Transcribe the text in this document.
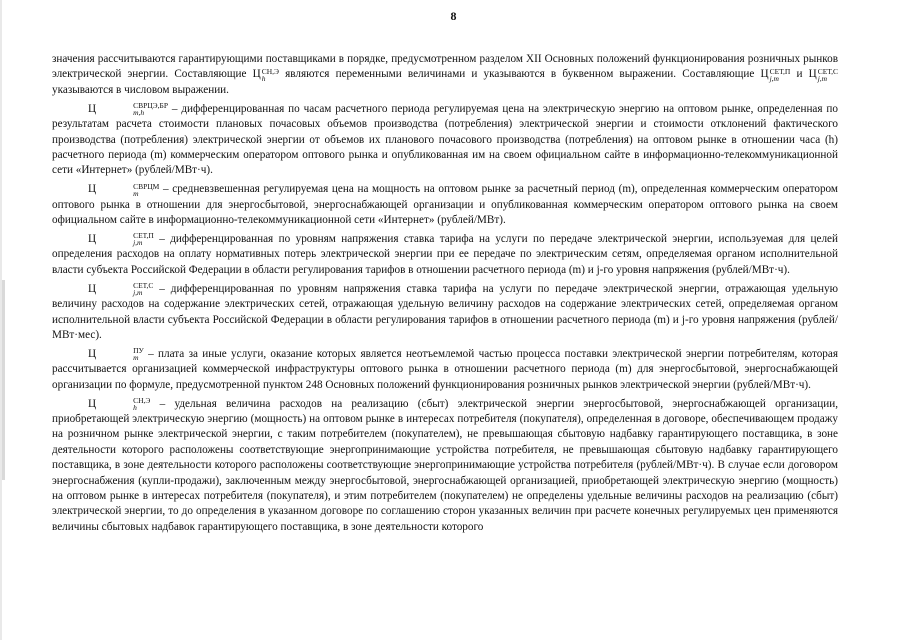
8

значения рассчитываются гарантирующими поставщиками в порядке, предусмотренном разделом XII Основных положений функционирования розничных рынков электрической энергии. Составляющие Ц СН,Э
h	являются переменными величинами и указываются в буквенном выражении. Составляющие Ц СЕТ,П
j,m	и Ц СЕТ,С
j,m
указываются в числовом выражении.

Ц	СВРЦЭ,БР
m,h	– дифференцированная по часам расчетного периода регулируемая цена на электрическую энергию на оптовом рынке, определенная по результатам расчета стоимости плановых почасовых объемов производства (потребления) электрической энергии и стоимости отклонений фактического производства (потребления) электрической энергии от объемов их планового почасового производства (потребления) на оптовом рынке в отношении часа (h) расчетного периода (m) коммерческим оператором оптового рынка и опубликованная им на своем официальном сайте в информационно-телекоммуникационной сети «Интернет» (рублей/МВт·ч).

Ц	СВРЦМ
m	– средневзвешенная регулируемая цена на мощность на оптовом рынке за расчетный период (m), определенная коммерческим оператором оптового рынка в отношении для энергосбытовой, энергоснабжающей организации и опубликованная коммерческим оператором оптового рынка на своем официальном сайте в информационно-телекоммуникационной сети «Интернет» (рублей/МВт).

Ц	СЕТ,П
j,m	– дифференцированная по уровням напряжения ставка тарифа на услуги по передаче электрической энергии, используемая для целей определения расходов на оплату нормативных потерь электрической энергии при ее передаче по электрическим сетям, определяемая органом исполнительной власти субъекта Российской Федерации в области регулирования тарифов в отношении расчетного периода (m) и j-го уровня напряжения (рублей/МВт·ч).

Ц	СЕТ,С
j,m – дифференцированная по уровням напряжения ставка тарифа на услуги по передаче электрической энергии, отражающая удельную величину расходов на содержание электрических сетей, отражающая удельную величину расходов на содержание электрических сетей, определяемая органом исполнительной власти субъекта Российской Федерации в области регулирования тарифов в отношении расчетного периода (m) и j-го уровня напряжения (рублей/МВт·мес).

Ц	ПУ
m – плата за иные услуги, оказание которых является неотъемлемой частью процесса поставки электрической энергии потребителям, которая рассчитывается организацией коммерческой инфраструктуры оптового рынка в отношении расчетного периода (m) для энергосбытовой, энергоснабжающей организации по формуле, предусмотренной пунктом 248 Основных положений функционирования розничных рынков электрической энергии (рублей/МВт·ч).

Ц	СН,Э
h	– удельная величина расходов на реализацию (сбыт) электрической энергии энергосбытовой, энергоснабжающей организации, приобретающей электрическую энергию (мощность) на оптовом рынке в интересах потребителя (покупателя), определенная в договоре, обеспечивающем продажу на розничном рынке электрической энергии, с таким потребителем (покупателем), не превышающая сбытовую надбавку гарантирующего поставщика, в зоне деятельности которого расположены соответствующие энергопринимающие устройства потребителя, не превышающая сбытовую надбавку гарантирующего поставщика, в зоне деятельности которого расположены соответствующие энергопринимающие устройства потребителя (рублей/МВт·ч). В случае если договором энергоснабжения (купли-продажи), заключенным между энергосбытовой, энергоснабжающей организацией, приобретающей электрическую энергию (мощность) на оптовом рынке в интересах потребителя (покупателя), и этим потребителем (покупателем) не определены удельные величины расходов на реализацию (сбыт) электрической энергии, то до определения в указанном договоре по соглашению сторон указанных величин при расчете конечных регулируемых цен применяются величины сбытовых надбавок гарантирующего поставщика, в зоне деятельности которого
